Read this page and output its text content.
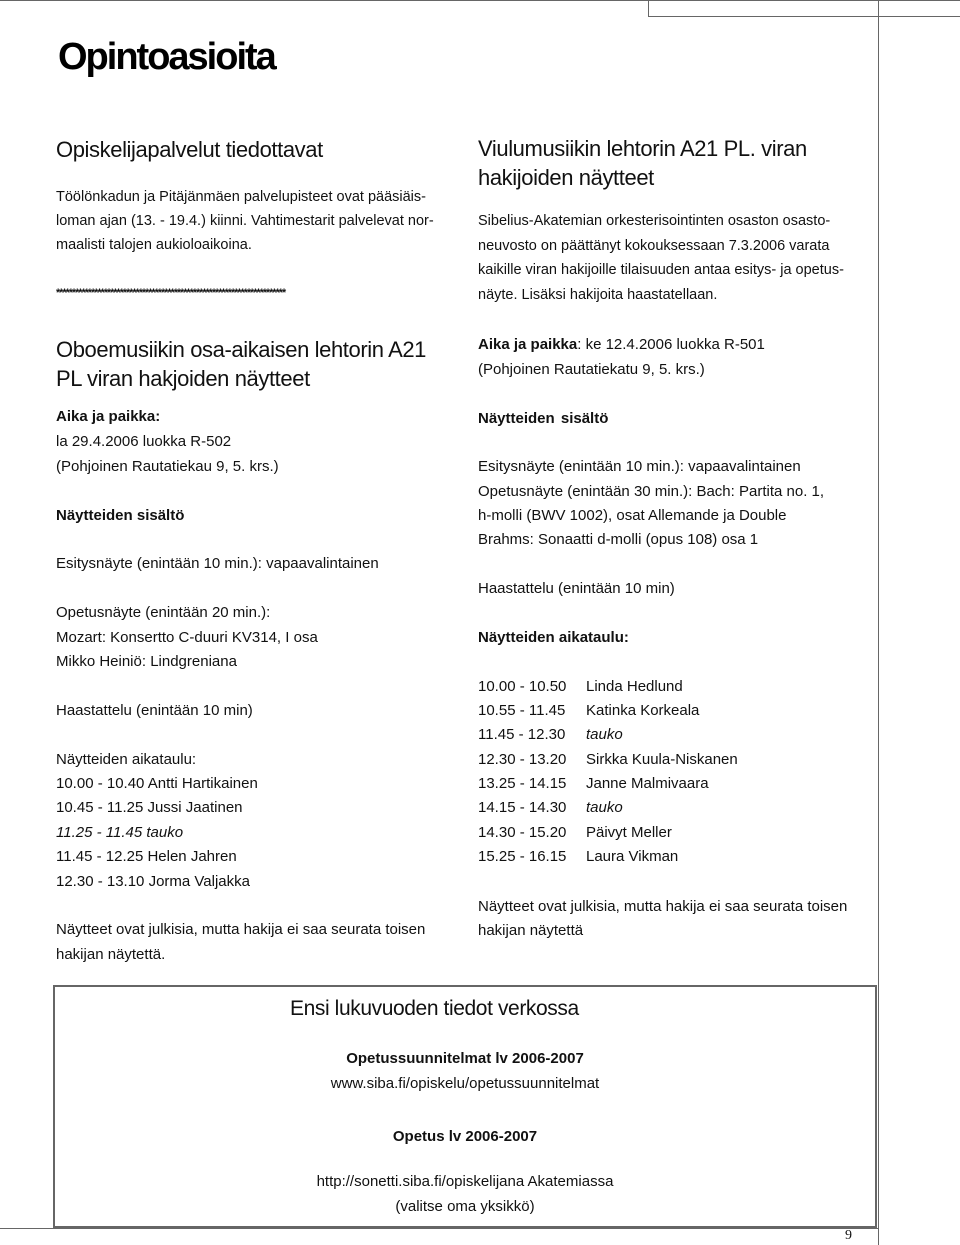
Opintoasioita
Opiskelijapalvelut tiedottavat
Töölönkadun ja Pitäjänmäen palvelupisteet ovat pääsiäis-
loman ajan (13. - 19.4.) kiinni. Vahtimestarit palvelevat nor-
maalisti talojen aukioloaikoina.
************************************************************************
Oboemusiikin osa-aikaisen lehtorin A21
PL viran hakjoiden näytteet
Aika ja paikka:
la 29.4.2006 luokka R-502
(Pohjoinen Rautatiekau 9, 5. krs.)
Näytteiden sisältö
Esitysnäyte (enintään 10 min.): vapaavalintainen
Opetusnäyte (enintään 20 min.):
Mozart: Konsertto C-duuri KV314, I osa
Mikko Heiniö: Lindgreniana
Haastattelu (enintään 10 min)
Näytteiden aikataulu:
10.00 - 10.40 Antti Hartikainen
10.45 - 11.25 Jussi Jaatinen
11.25 - 11.45 tauko
11.45 - 12.25 Helen Jahren
12.30 - 13.10 Jorma Valjakka
Näytteet ovat julkisia, mutta hakija ei saa seurata toisen
hakijan näytettä.
Viulumusiikin lehtorin A21 PL. viran
hakijoiden näytteet
Sibelius-Akatemian orkesterisointinten osaston osasto-
neuvosto on päättänyt kokouksessaan 7.3.2006 varata
kaikille viran hakijoille tilaisuuden antaa esitys- ja opetus-
näyte. Lisäksi hakijoita haastatellaan.
Aika ja paikka: ke 12.4.2006 luokka R-501
(Pohjoinen Rautatiekatu 9, 5. krs.)
Näytteiden sisältö
Esitysnäyte (enintään 10 min.): vapaavalintainen
Opetusnäyte (enintään 30 min.): Bach: Partita no. 1,
h-molli (BWV 1002), osat Allemande ja Double
Brahms: Sonaatti d-molli (opus 108) osa 1
Haastattelu (enintään 10 min)
Näytteiden aikataulu:
10.00 - 10.50 Linda Hedlund
10.55 - 11.45 Katinka Korkeala
11.45 - 12.30 tauko
12.30 - 13.20 Sirkka Kuula-Niskanen
13.25 - 14.15 Janne Malmivaara
14.15 - 14.30 tauko
14.30 - 15.20 Päivyt Meller
15.25 - 16.15 Laura Vikman
Näytteet ovat julkisia, mutta hakija ei saa seurata toisen
hakijan näytettä
Ensi lukuvuoden tiedot verkossa
Opetussuunnitelmat lv 2006-2007
www.siba.fi/opiskelu/opetussuunnitelmat
Opetus lv 2006-2007
http://sonetti.siba.fi/opiskelijana Akatemiassa
(valitse oma yksikkö)
9
